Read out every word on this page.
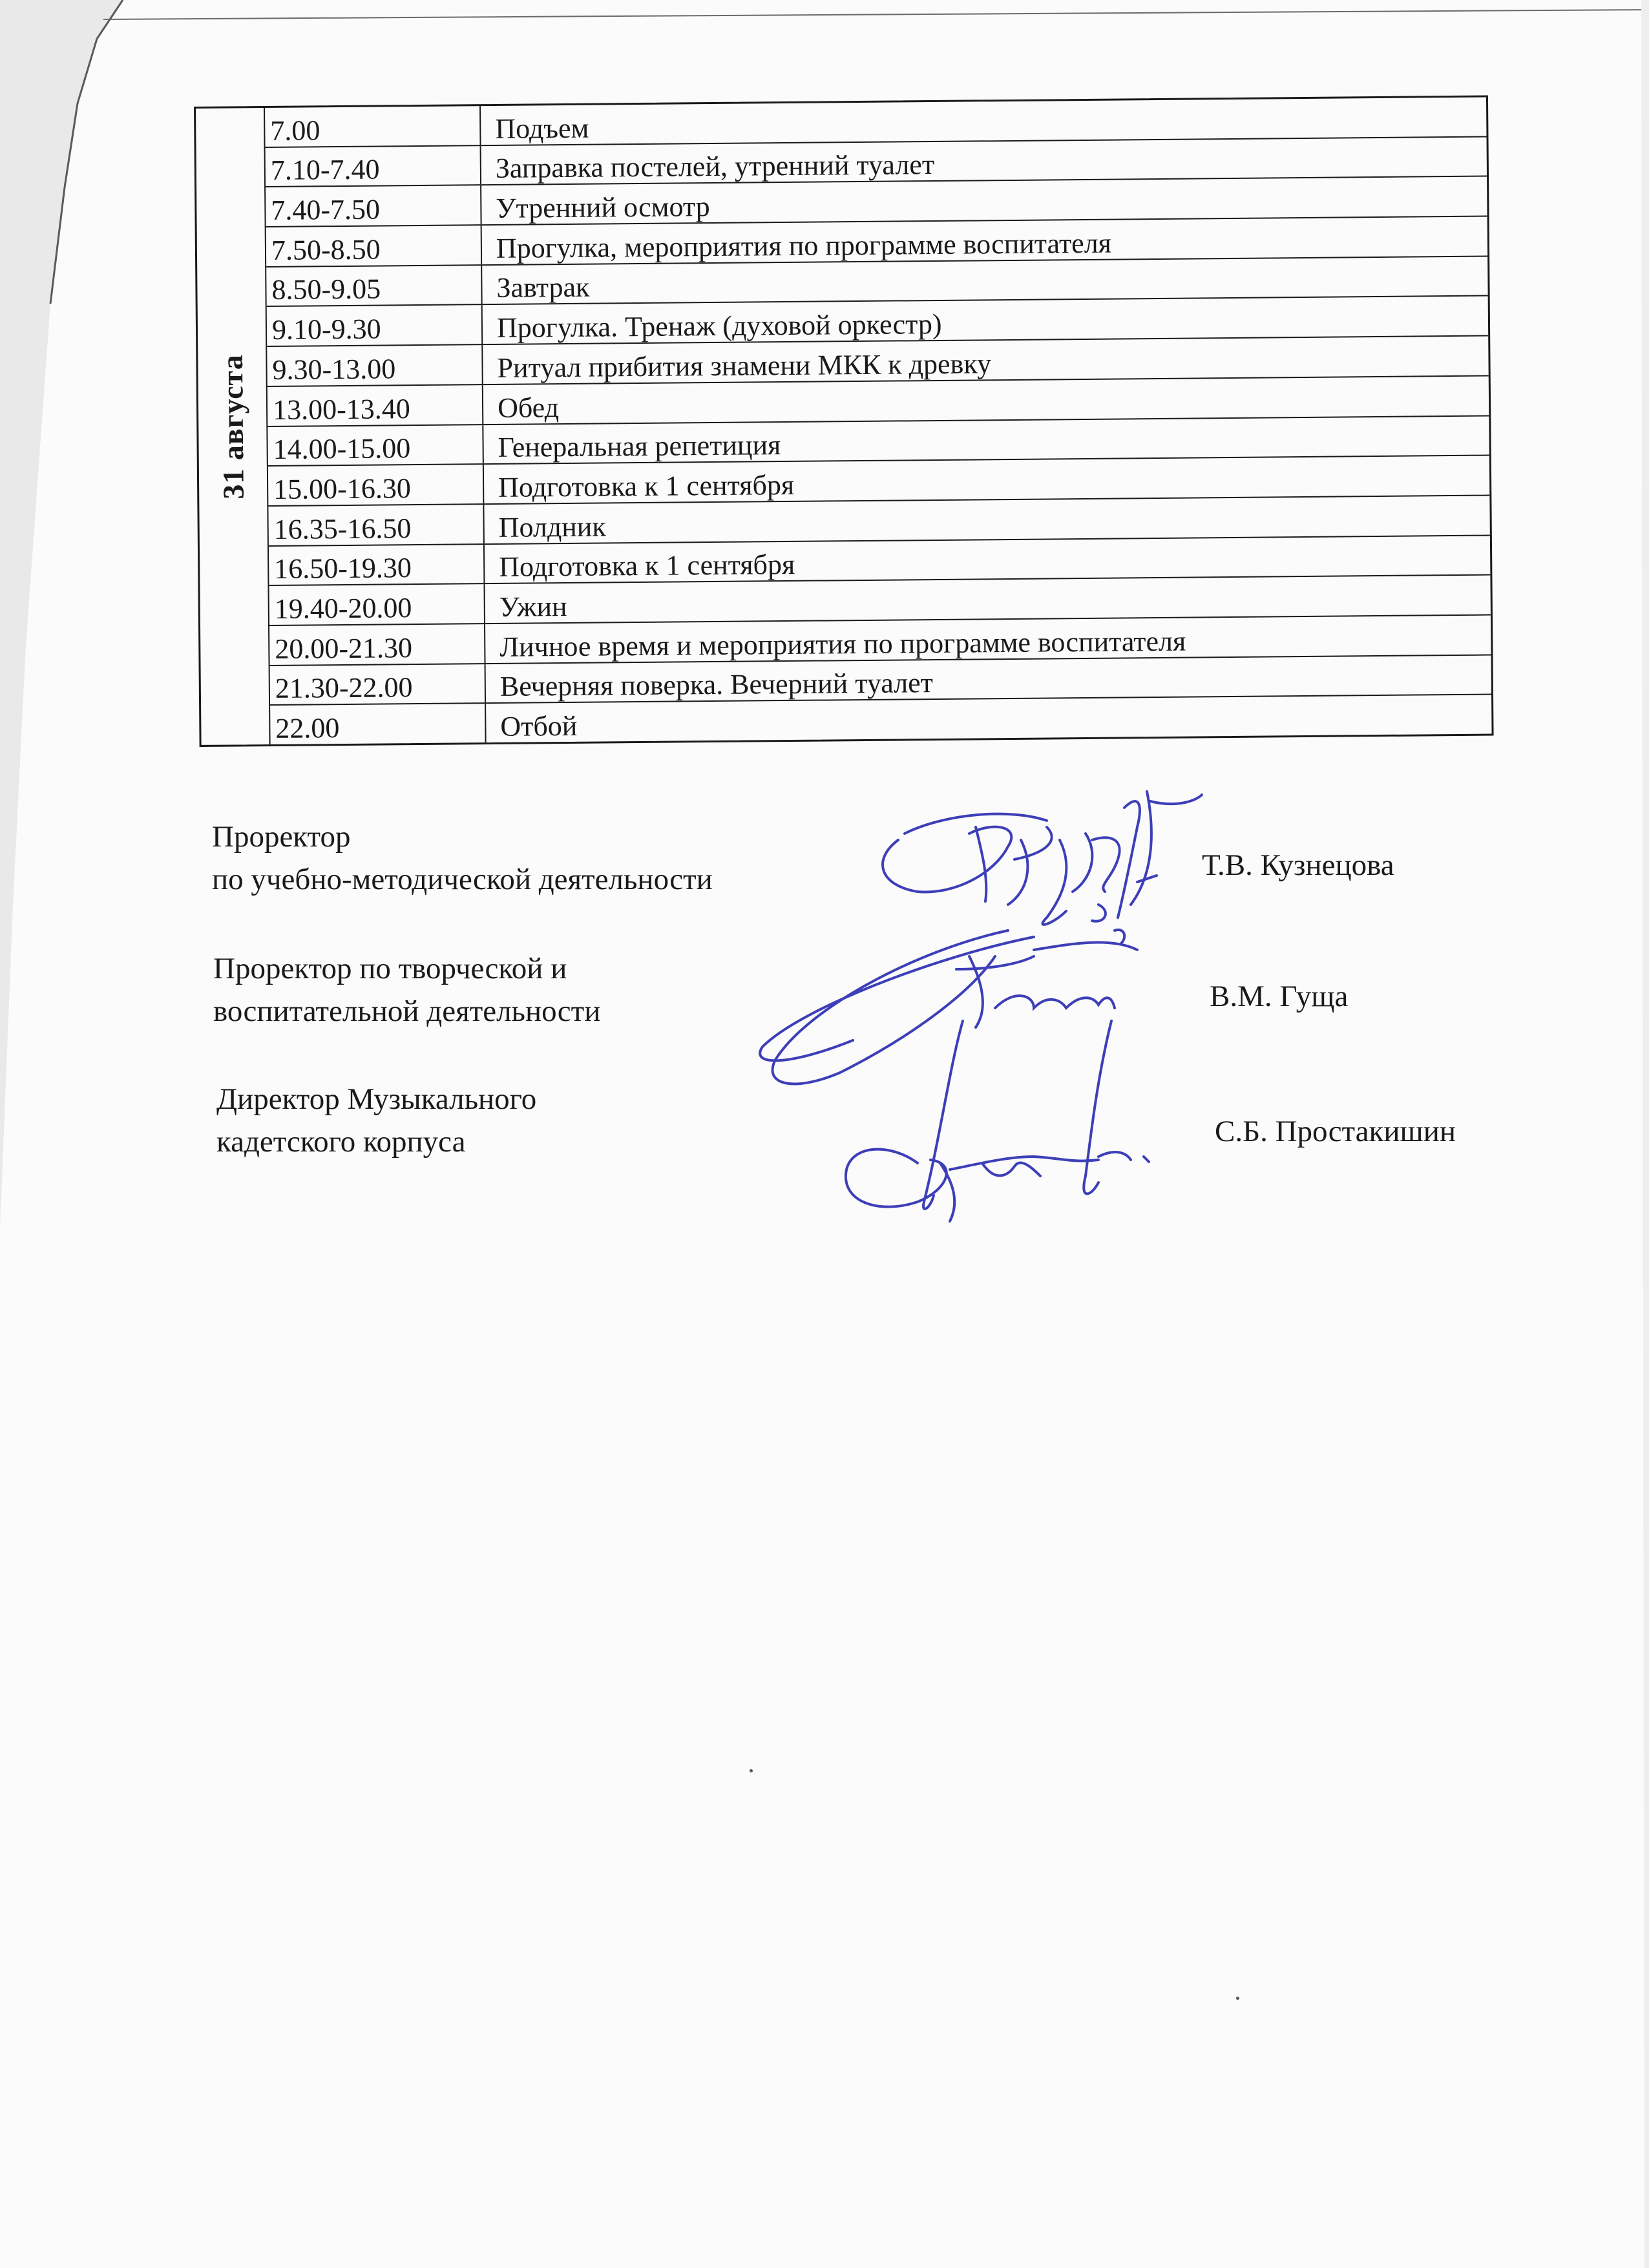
31 августа
7.00	Подъем
7.10-7.40	Заправка постелей, утренний туалет
7.40-7.50	Утренний осмотр
7.50-8.50	Прогулка, мероприятия по программе воспитателя
8.50-9.05	Завтрак
9.10-9.30	Прогулка. Тренаж (духовой оркестр)
9.30-13.00	Ритуал прибития знамени МКК к древку
13.00-13.40	Обед
14.00-15.00	Генеральная репетиция
15.00-16.30	Подготовка к 1 сентября
16.35-16.50	Полдник
16.50-19.30	Подготовка к 1 сентября
19.40-20.00	Ужин
20.00-21.30	Личное время и мероприятия по программе воспитателя
21.30-22.00	Вечерняя поверка. Вечерний туалет
22.00	Отбой
Проректор
по учебно-методической деятельности	Т.В. Кузнецова
Проректор по творческой и
воспитательной деятельности	В.М. Гуща
Директор Музыкального
кадетского корпуса	С.Б. Простакишин
